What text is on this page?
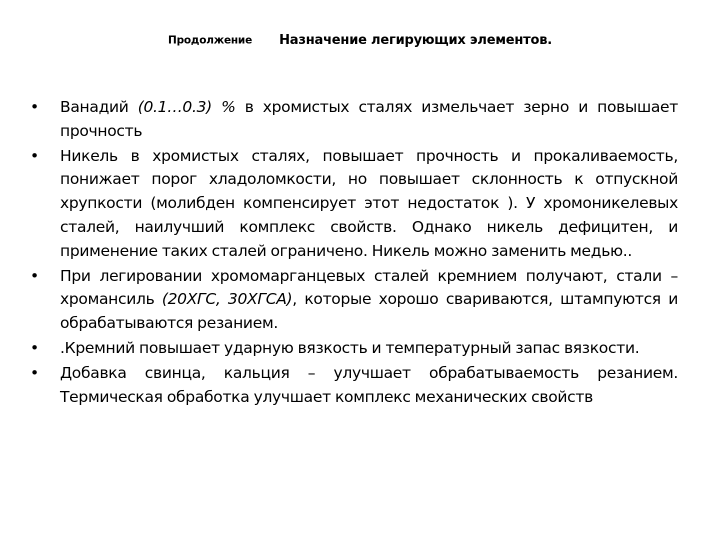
Продолжение Назначение легирующих элементов.
• Ванадий (0.1…0.3) % в хромистых сталях измельчает зерно и повышает прочность
• Никель в хромистых сталях, повышает прочность и прокаливаемость, понижает порог хладоломкости, но повышает склонность к отпускной хрупкости (молибден компенсирует этот недостаток ). У хромоникелевых сталей, наилучший комплекс свойств. Однако никель дефицитен, и применение таких сталей ограничено. Никель можно заменить медью..
• При легировании хромомарганцевых сталей кремнием получают, стали – хромансиль (20ХГС, 30ХГСА), которые хорошо свариваются, штампуются и обрабатываются резанием.
• .Кремний повышает ударную вязкость и температурный запас вязкости.
• Добавка свинца, кальция – улучшает обрабатываемость резанием. Термическая обработка улучшает комплекс механических свойств
